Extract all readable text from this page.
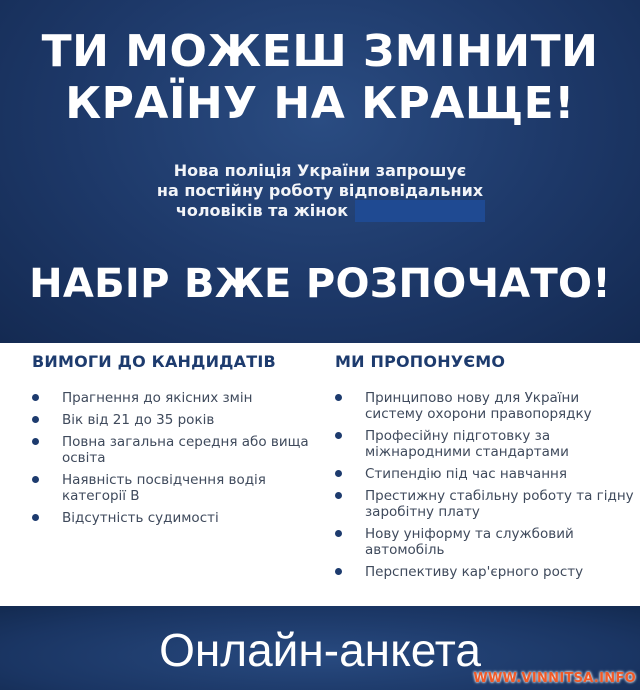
ТИ МОЖЕШ ЗМІНИТИ
КРАЇНУ НА КРАЩЕ!
Нова поліція України запрошує
на постійну роботу відповідальних
чоловіків та жінок
НАБІР ВЖЕ РОЗПОЧАТО!
ВИМОГИ ДО КАНДИДАТІВ
Прагнення до якісних змін
Вік від 21 до 35 років
Повна загальна середня або вища освіта
Наявність посвідчення водія категорії В
Відсутність судимості
МИ ПРОПОНУЄМО
Принципово нову для України систему охорони правопорядку
Професійну підготовку за міжнародними стандартами
Стипендію під час навчання
Престижну стабільну роботу та гідну заробітну плату
Нову уніформу та службовий автомобіль
Перспективу кар'єрного росту
Онлайн-анкета
WWW.VINNITSA.INFO
